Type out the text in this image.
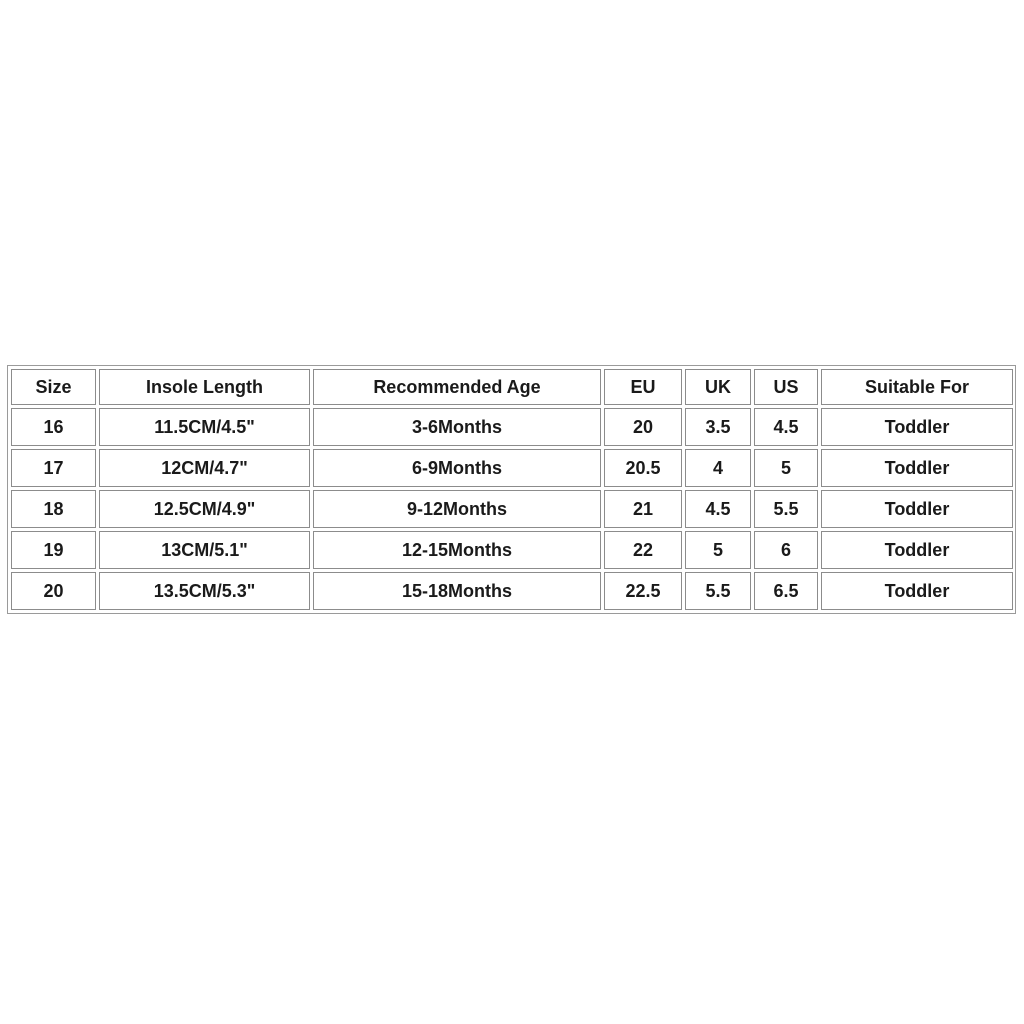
Size	Insole Length	Recommended Age	EU	UK	US	Suitable For
16	11.5CM/4.5"	3-6Months	20	3.5	4.5	Toddler
17	12CM/4.7"	6-9Months	20.5	4	5	Toddler
18	12.5CM/4.9"	9-12Months	21	4.5	5.5	Toddler
19	13CM/5.1"	12-15Months	22	5	6	Toddler
20	13.5CM/5.3"	15-18Months	22.5	5.5	6.5	Toddler
